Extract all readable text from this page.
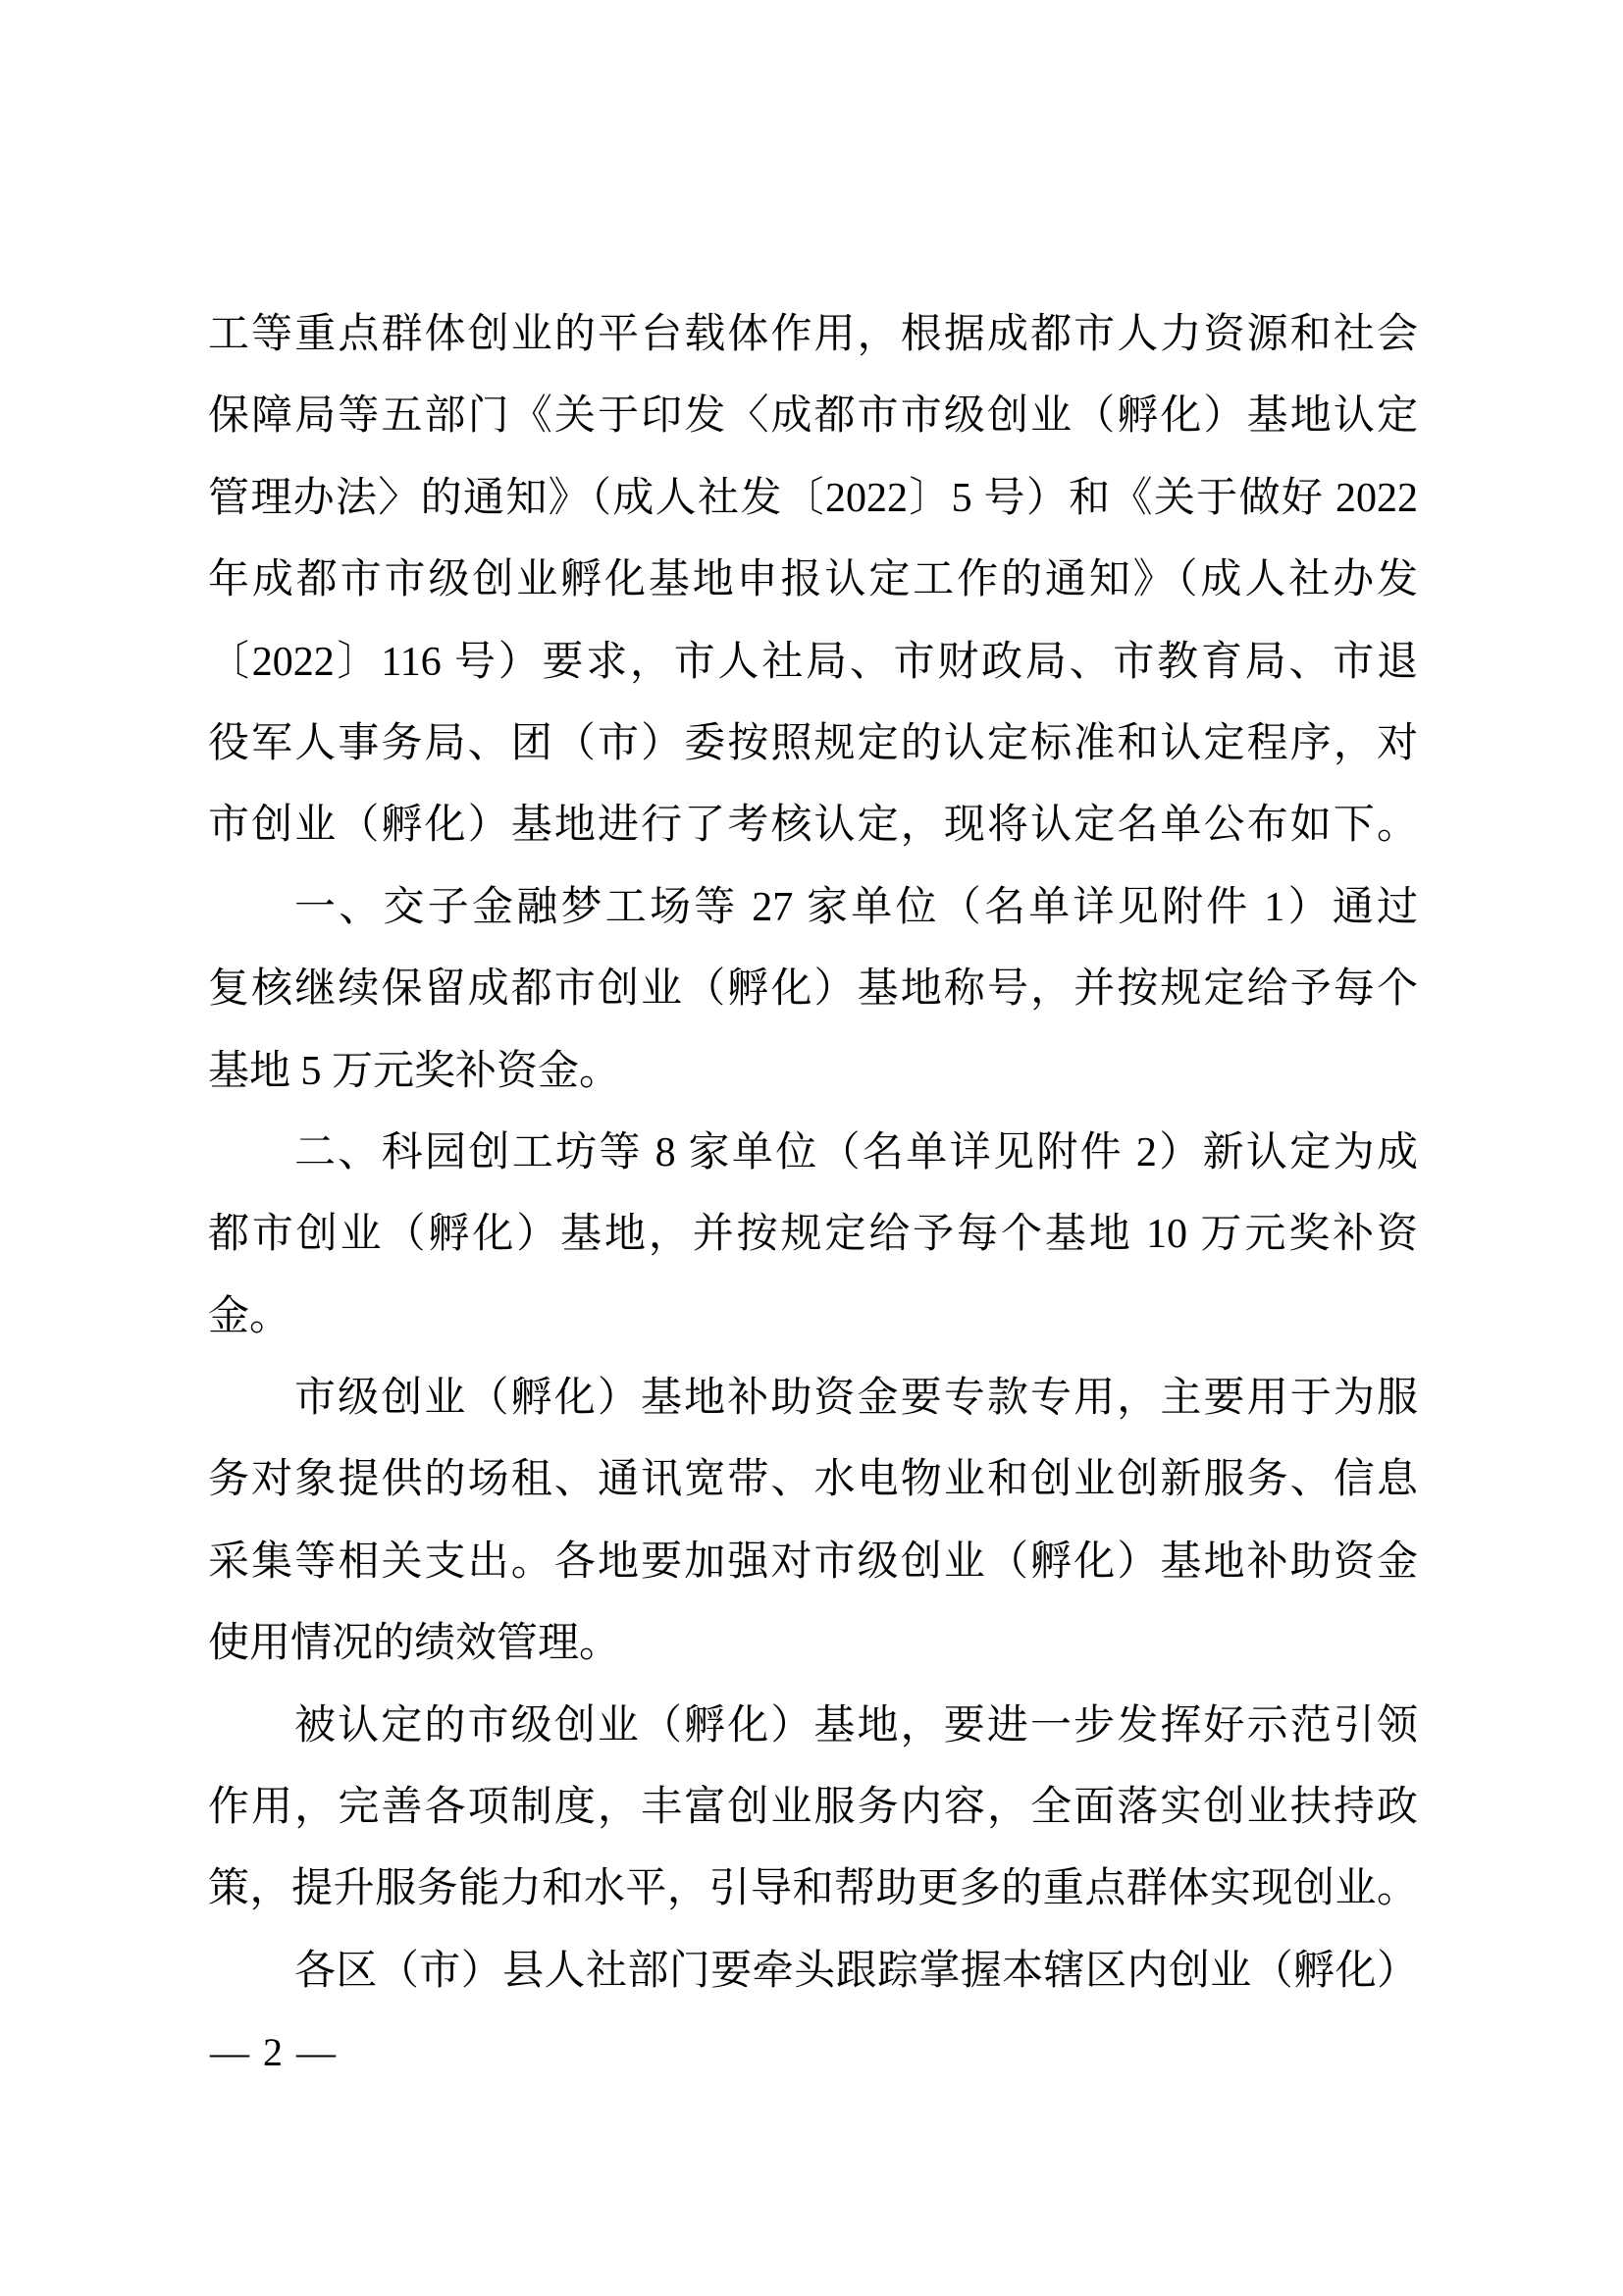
工等重点群体创业的平台载体作用，根据成都市人力资源和社会
保障局等五部门《关于印发〈成都市市级创业（孵化）基地认定
管理办法〉的通知》（成人社发〔2022〕5 号）和《关于做好 2022
年成都市市级创业孵化基地申报认定工作的通知》（成人社办发
〔2022〕116 号）要求，市人社局、市财政局、市教育局、市退
役军人事务局、团（市）委按照规定的认定标准和认定程序，对
市创业（孵化）基地进行了考核认定，现将认定名单公布如下。
一、交子金融梦工场等 27 家单位（名单详见附件 1）通过
复核继续保留成都市创业（孵化）基地称号，并按规定给予每个
基地 5 万元奖补资金。
二、科园创工坊等 8 家单位（名单详见附件 2）新认定为成
都市创业（孵化）基地，并按规定给予每个基地 10 万元奖补资
金。
市级创业（孵化）基地补助资金要专款专用，主要用于为服
务对象提供的场租、通讯宽带、水电物业和创业创新服务、信息
采集等相关支出。各地要加强对市级创业（孵化）基地补助资金
使用情况的绩效管理。
被认定的市级创业（孵化）基地，要进一步发挥好示范引领
作用，完善各项制度，丰富创业服务内容，全面落实创业扶持政
策，提升服务能力和水平，引导和帮助更多的重点群体实现创业。
各区（市）县人社部门要牵头跟踪掌握本辖区内创业（孵化）
— 2 —
